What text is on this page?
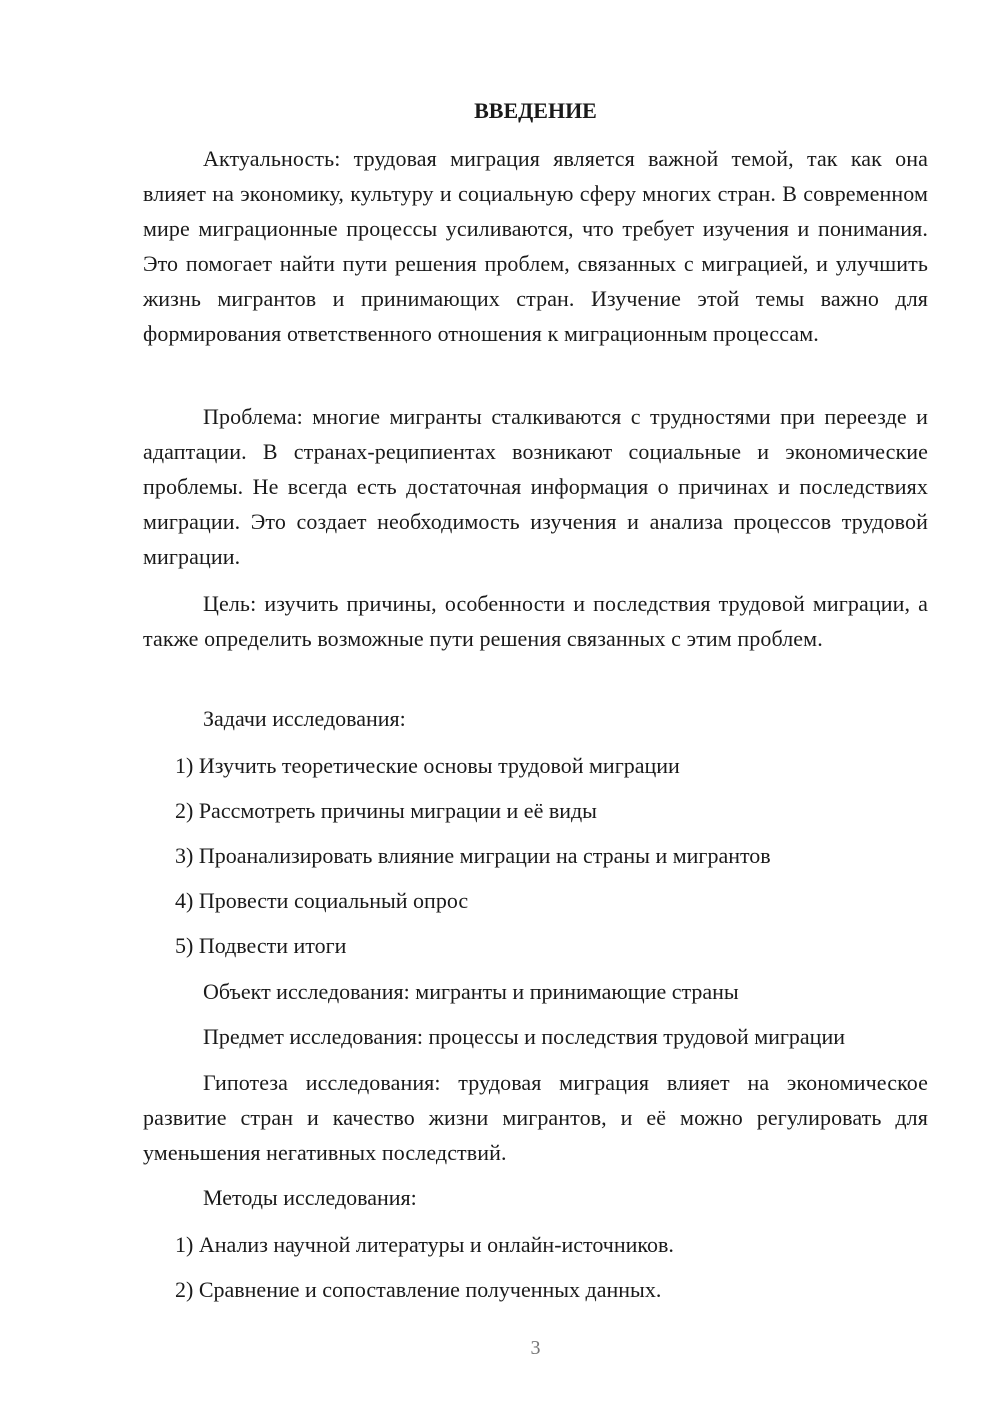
ВВЕДЕНИЕ

Актуальность: трудовая миграция является важной темой, так как она влияет на экономику, культуру и социальную сферу многих стран. В современном мире миграционные процессы усиливаются, что требует изучения и понимания. Это помогает найти пути решения проблем, связанных с миграцией, и улучшить жизнь мигрантов и принимающих стран. Изучение этой темы важно для формирования ответственного отношения к миграционным процессам.

Проблема: многие мигранты сталкиваются с трудностями при переезде и адаптации. В странах-реципиентах возникают социальные и экономические проблемы. Не всегда есть достаточная информация о причинах и последствиях миграции. Это создает необходимость изучения и анализа процессов трудовой миграции.

Цель: изучить причины, особенности и последствия трудовой миграции, а также определить возможные пути решения связанных с этим проблем.

Задачи исследования:

1) Изучить теоретические основы трудовой миграции

2) Рассмотреть причины миграции и её виды

3) Проанализировать влияние миграции на страны и мигрантов

4) Провести социальный опрос

5) Подвести итоги

Объект исследования: мигранты и принимающие страны

Предмет исследования: процессы и последствия трудовой миграции

Гипотеза исследования: трудовая миграция влияет на экономическое развитие стран и качество жизни мигрантов, и её можно регулировать для уменьшения негативных последствий.

Методы исследования:

1) Анализ научной литературы и онлайн-источников.

2) Сравнение и сопоставление полученных данных.

3
